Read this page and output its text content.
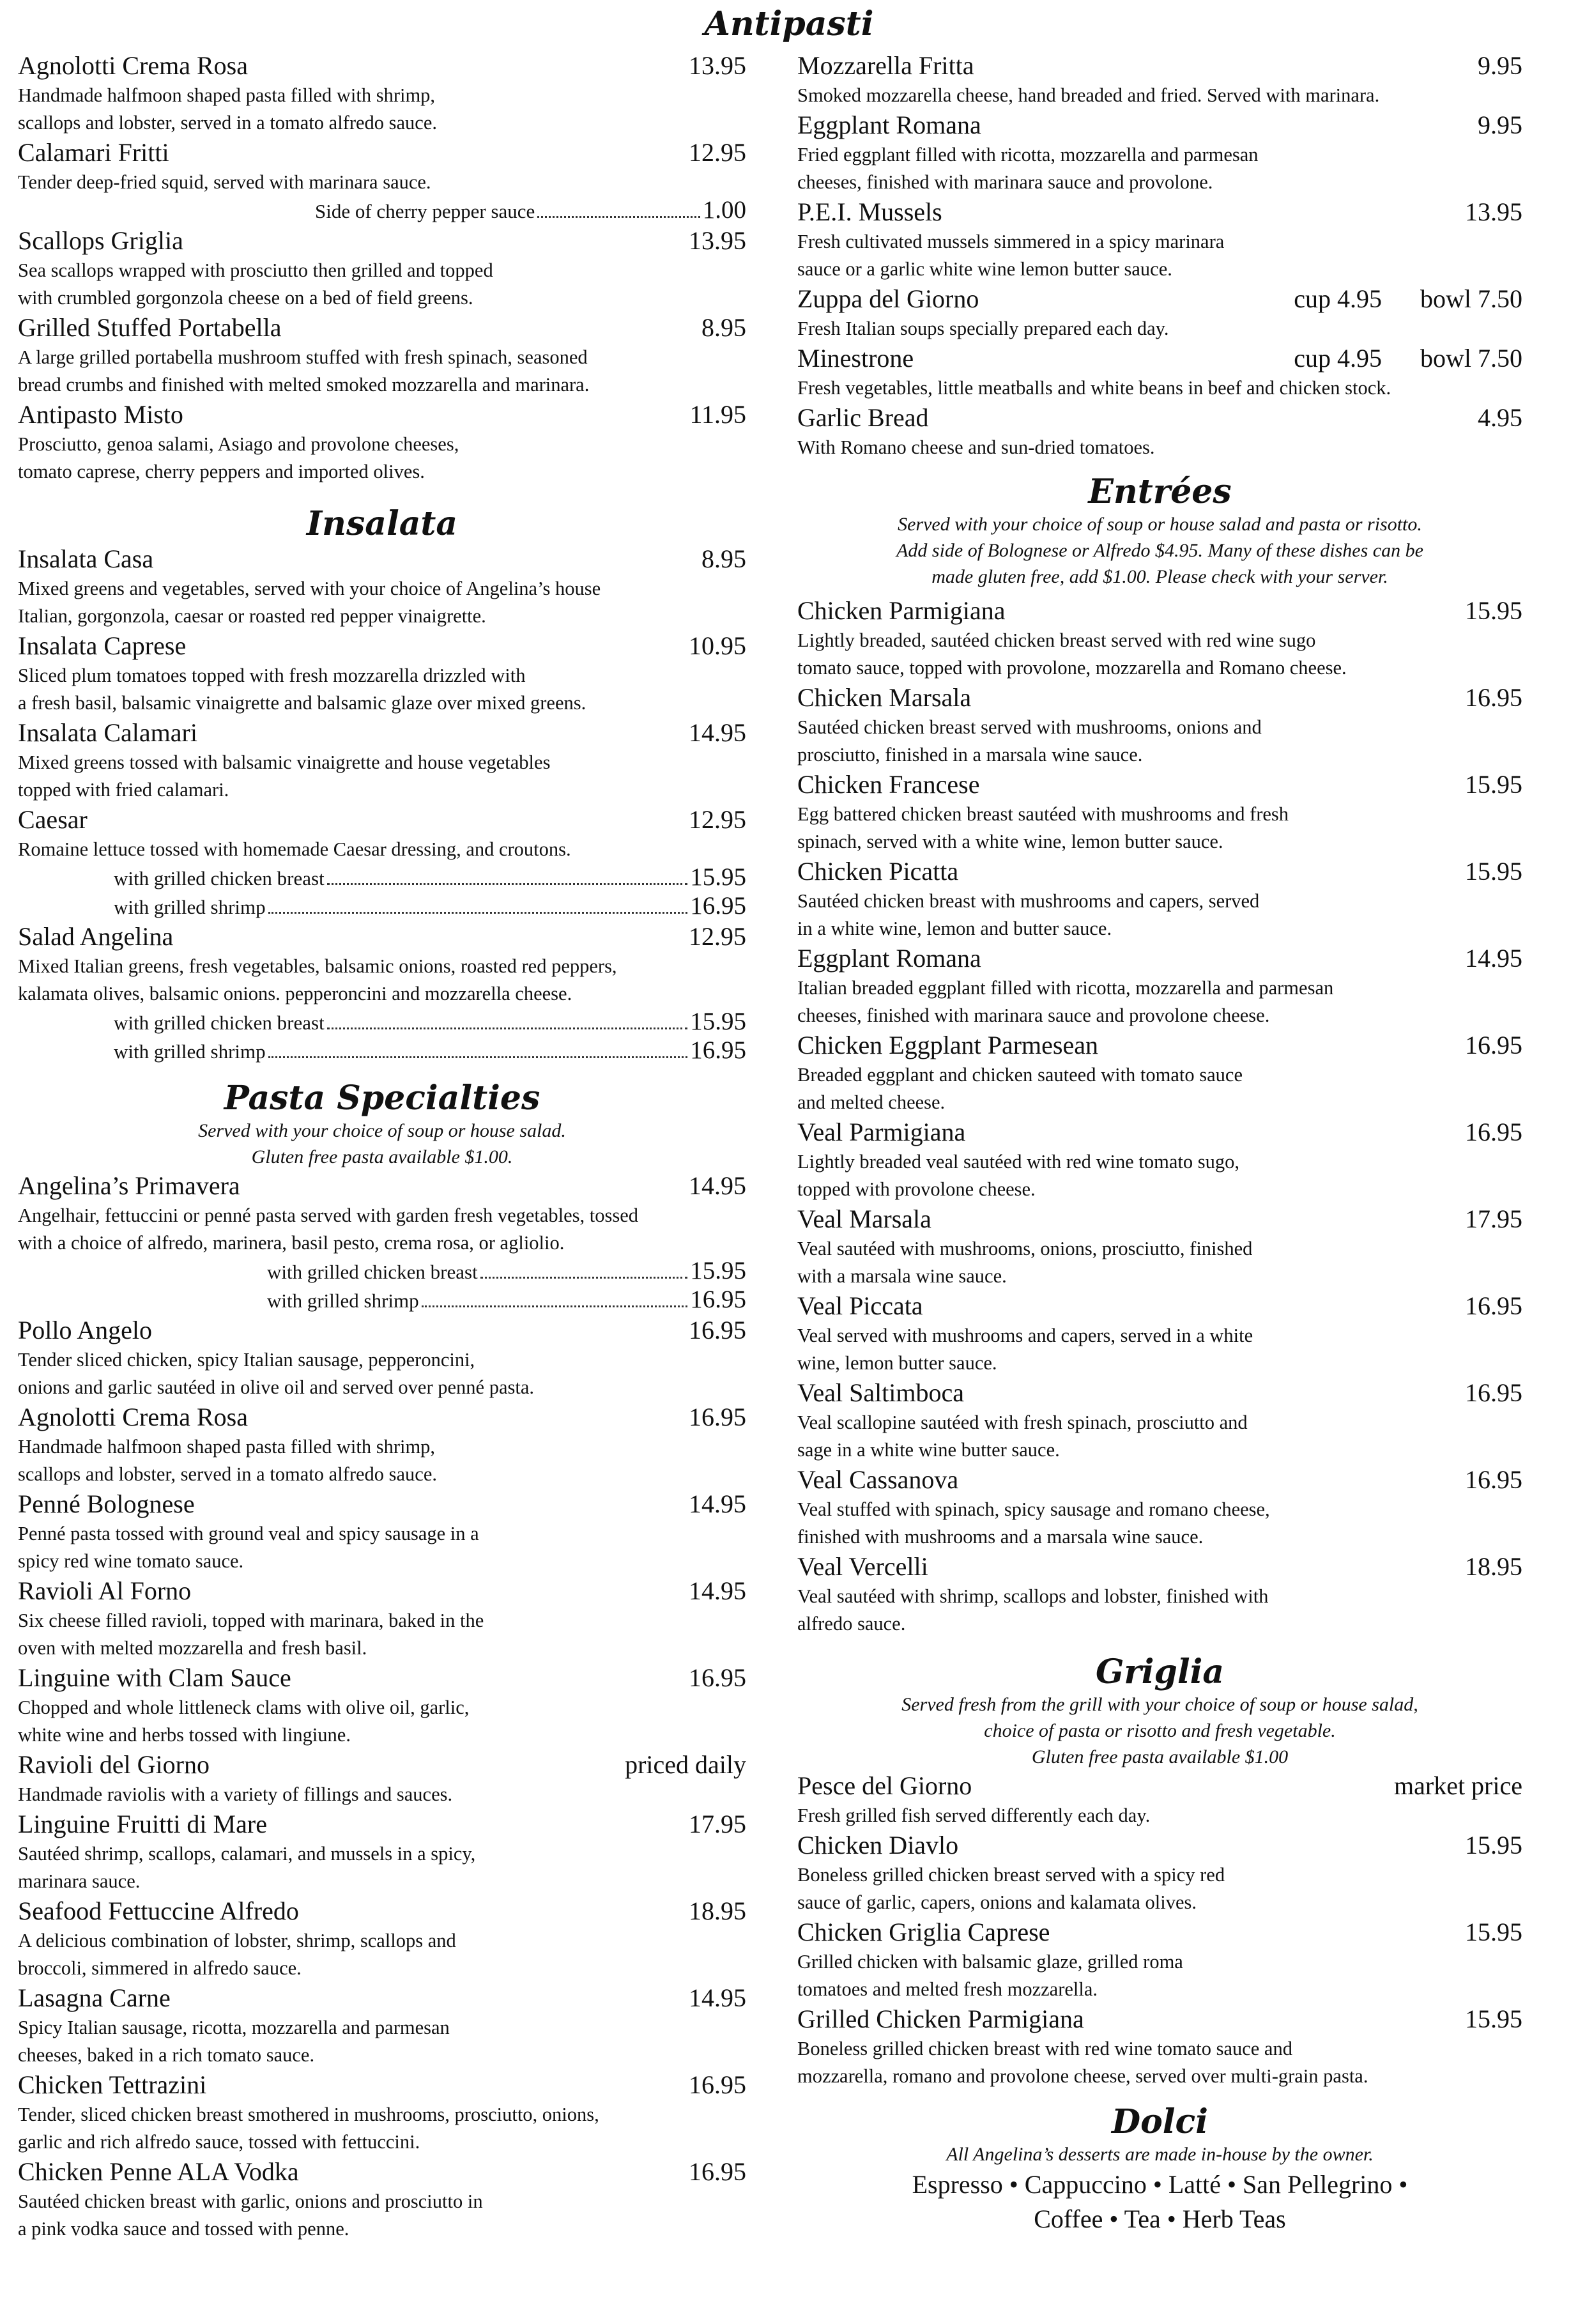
Antipasti
Agnolotti Crema Rosa	13.95
Handmade halfmoon shaped pasta filled with shrimp,
scallops and lobster, served in a tomato alfredo sauce.
Calamari Fritti	12.95
Tender deep-fried squid, served with marinara sauce.
Side of cherry pepper sauce	1.00
Scallops Griglia	13.95
Sea scallops wrapped with prosciutto then grilled and topped
with crumbled gorgonzola cheese on a bed of field greens.
Grilled Stuffed Portabella	8.95
A large grilled portabella mushroom stuffed with fresh spinach, seasoned
bread crumbs and finished with melted smoked mozzarella and marinara.
Antipasto Misto	11.95
Prosciutto, genoa salami, Asiago and provolone cheeses,
tomato caprese, cherry peppers and imported olives.
Insalata
Insalata Casa	8.95
Mixed greens and vegetables, served with your choice of Angelina’s house
Italian, gorgonzola, caesar or roasted red pepper vinaigrette.
Insalata Caprese	10.95
Sliced plum tomatoes topped with fresh mozzarella drizzled with
a fresh basil, balsamic vinaigrette and balsamic glaze over mixed greens.
Insalata Calamari	14.95
Mixed greens tossed with balsamic vinaigrette and house vegetables
topped with fried calamari.
Caesar	12.95
Romaine lettuce tossed with homemade Caesar dressing, and croutons.
with grilled chicken breast	15.95
with grilled shrimp	16.95
Salad Angelina	12.95
Mixed Italian greens, fresh vegetables, balsamic onions, roasted red peppers,
kalamata olives, balsamic onions. pepperoncini and mozzarella cheese.
with grilled chicken breast	15.95
with grilled shrimp	16.95
Pasta Specialties
Served with your choice of soup or house salad.
Gluten free pasta available $1.00.
Angelina’s Primavera	14.95
Angelhair, fettuccini or penné pasta served with garden fresh vegetables, tossed
with a choice of alfredo, marinera, basil pesto, crema rosa, or agliolio.
with grilled chicken breast	15.95
with grilled shrimp	16.95
Pollo Angelo	16.95
Tender sliced chicken, spicy Italian sausage, pepperoncini,
onions and garlic sautéed in olive oil and served over penné pasta.
Agnolotti Crema Rosa	16.95
Handmade halfmoon shaped pasta filled with shrimp,
scallops and lobster, served in a tomato alfredo sauce.
Penné Bolognese	14.95
Penné pasta tossed with ground veal and spicy sausage in a
spicy red wine tomato sauce.
Ravioli Al Forno	14.95
Six cheese filled ravioli, topped with marinara, baked in the
oven with melted mozzarella and fresh basil.
Linguine with Clam Sauce	16.95
Chopped and whole littleneck clams with olive oil, garlic,
white wine and herbs tossed with lingiune.
Ravioli del Giorno	priced daily
Handmade raviolis with a variety of fillings and sauces.
Linguine Fruitti di Mare	17.95
Sautéed shrimp, scallops, calamari, and mussels in a spicy,
marinara sauce.
Seafood Fettuccine Alfredo	18.95
A delicious combination of lobster, shrimp, scallops and
broccoli, simmered in alfredo sauce.
Lasagna Carne	14.95
Spicy Italian sausage, ricotta, mozzarella and parmesan
cheeses, baked in a rich tomato sauce.
Chicken Tettrazini	16.95
Tender, sliced chicken breast smothered in mushrooms, prosciutto, onions,
garlic and rich alfredo sauce, tossed with fettuccini.
Chicken Penne ALA Vodka	16.95
Sautéed chicken breast with garlic, onions and prosciutto in
a pink vodka sauce and tossed with penne.
Mozzarella Fritta	9.95
Smoked mozzarella cheese, hand breaded and fried. Served with marinara.
Eggplant Romana	9.95
Fried eggplant filled with ricotta, mozzarella and parmesan
cheeses, finished with marinara sauce and provolone.
P.E.I. Mussels	13.95
Fresh cultivated mussels simmered in a spicy marinara
sauce or a garlic white wine lemon butter sauce.
Zuppa del Giorno	cup 4.95 bowl 7.50
Fresh Italian soups specially prepared each day.
Minestrone	cup 4.95 bowl 7.50
Fresh vegetables, little meatballs and white beans in beef and chicken stock.
Garlic Bread	4.95
With Romano cheese and sun-dried tomatoes.
Entrées
Served with your choice of soup or house salad and pasta or risotto.
Add side of Bolognese or Alfredo $4.95. Many of these dishes can be
made gluten free, add $1.00. Please check with your server.
Chicken Parmigiana	15.95
Lightly breaded, sautéed chicken breast served with red wine sugo
tomato sauce, topped with provolone, mozzarella and Romano cheese.
Chicken Marsala	16.95
Sautéed chicken breast served with mushrooms, onions and
prosciutto, finished in a marsala wine sauce.
Chicken Francese	15.95
Egg battered chicken breast sautéed with mushrooms and fresh
spinach, served with a white wine, lemon butter sauce.
Chicken Picatta	15.95
Sautéed chicken breast with mushrooms and capers, served
in a white wine, lemon and butter sauce.
Eggplant Romana	14.95
Italian breaded eggplant filled with ricotta, mozzarella and parmesan
cheeses, finished with marinara sauce and provolone cheese.
Chicken Eggplant Parmesean	16.95
Breaded eggplant and chicken sauteed with tomato sauce
and melted cheese.
Veal Parmigiana	16.95
Lightly breaded veal sautéed with red wine tomato sugo,
topped with provolone cheese.
Veal Marsala	17.95
Veal sautéed with mushrooms, onions, prosciutto, finished
with a marsala wine sauce.
Veal Piccata	16.95
Veal served with mushrooms and capers, served in a white
wine, lemon butter sauce.
Veal Saltimboca	16.95
Veal scallopine sautéed with fresh spinach, prosciutto and
sage in a white wine butter sauce.
Veal Cassanova	16.95
Veal stuffed with spinach, spicy sausage and romano cheese,
finished with mushrooms and a marsala wine sauce.
Veal Vercelli	18.95
Veal sautéed with shrimp, scallops and lobster, finished with
alfredo sauce.
Griglia
Served fresh from the grill with your choice of soup or house salad,
choice of pasta or risotto and fresh vegetable.
Gluten free pasta available $1.00
Pesce del Giorno	market price
Fresh grilled fish served differently each day.
Chicken Diavlo	15.95
Boneless grilled chicken breast served with a spicy red
sauce of garlic, capers, onions and kalamata olives.
Chicken Griglia Caprese	15.95
Grilled chicken with balsamic glaze, grilled roma
tomatoes and melted fresh mozzarella.
Grilled Chicken Parmigiana	15.95
Boneless grilled chicken breast with red wine tomato sauce and
mozzarella, romano and provolone cheese, served over multi-grain pasta.
Dolci
All Angelina’s desserts are made in-house by the owner.
Espresso • Cappuccino • Latté • San Pellegrino •
Coffee • Tea • Herb Teas
